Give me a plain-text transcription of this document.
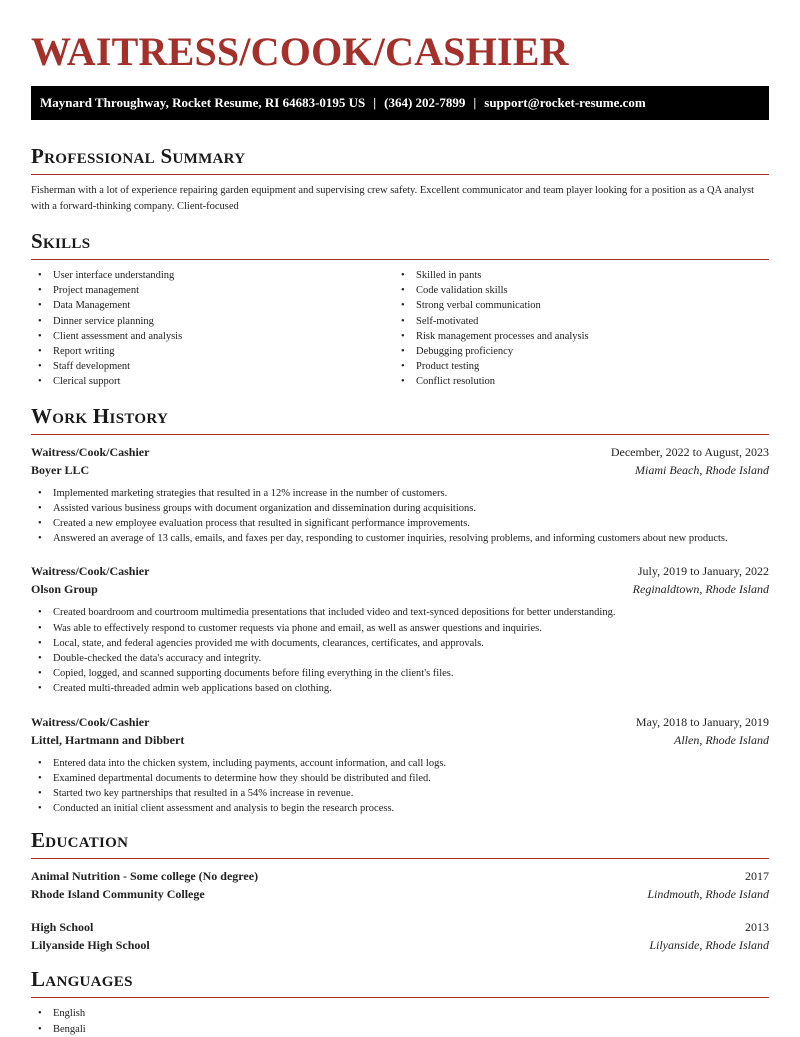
WAITRESS/COOK/CASHIER
Maynard Throughway, Rocket Resume, RI 64683-0195 US | (364) 202-7899 | support@rocket-resume.com
Professional Summary
Fisherman with a lot of experience repairing garden equipment and supervising crew safety. Excellent communicator and team player looking for a position as a QA analyst with a forward-thinking company. Client-focused
Skills
• User interface understanding
• Project management
• Data Management
• Dinner service planning
• Client assessment and analysis
• Report writing
• Staff development
• Clerical support
• Skilled in pants
• Code validation skills
• Strong verbal communication
• Self-motivated
• Risk management processes and analysis
• Debugging proficiency
• Product testing
• Conflict resolution
Work History
Waitress/Cook/Cashier	December, 2022 to August, 2023
Boyer LLC	Miami Beach, Rhode Island
• Implemented marketing strategies that resulted in a 12% increase in the number of customers.
• Assisted various business groups with document organization and dissemination during acquisitions.
• Created a new employee evaluation process that resulted in significant performance improvements.
• Answered an average of 13 calls, emails, and faxes per day, responding to customer inquiries, resolving problems, and informing customers about new products.
Waitress/Cook/Cashier	July, 2019 to January, 2022
Olson Group	Reginaldtown, Rhode Island
• Created boardroom and courtroom multimedia presentations that included video and text-synced depositions for better understanding.
• Was able to effectively respond to customer requests via phone and email, as well as answer questions and inquiries.
• Local, state, and federal agencies provided me with documents, clearances, certificates, and approvals.
• Double-checked the data's accuracy and integrity.
• Copied, logged, and scanned supporting documents before filing everything in the client's files.
• Created multi-threaded admin web applications based on clothing.
Waitress/Cook/Cashier	May, 2018 to January, 2019
Littel, Hartmann and Dibbert	Allen, Rhode Island
• Entered data into the chicken system, including payments, account information, and call logs.
• Examined departmental documents to determine how they should be distributed and filed.
• Started two key partnerships that resulted in a 54% increase in revenue.
• Conducted an initial client assessment and analysis to begin the research process.
Education
Animal Nutrition - Some college (No degree)	2017
Rhode Island Community College	Lindmouth, Rhode Island
High School	2013
Lilyanside High School	Lilyanside, Rhode Island
Languages
• English
• Bengali
